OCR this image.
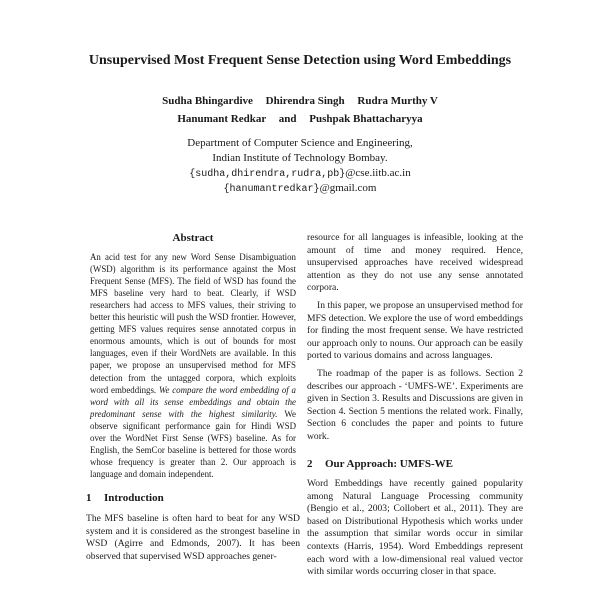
Unsupervised Most Frequent Sense Detection using Word Embeddings
Sudha Bhingardive Dhirendra Singh Rudra Murthy V
Hanumant Redkar and Pushpak Bhattacharyya
Department of Computer Science and Engineering,
Indian Institute of Technology Bombay.
{sudha,dhirendra,rudra,pb}@cse.iitb.ac.in
{hanumantredkar}@gmail.com
Abstract

An acid test for any new Word Sense Disambiguation (WSD) algorithm is its performance against the Most Frequent Sense (MFS). The field of WSD has found the MFS baseline very hard to beat. Clearly, if WSD researchers had access to MFS values, their striving to better this heuristic will push the WSD frontier. However, getting MFS values requires sense annotated corpus in enormous amounts, which is out of bounds for most languages, even if their WordNets are available. In this paper, we propose an unsupervised method for MFS detection from the untagged corpora, which exploits word embeddings. We compare the word embedding of a word with all its sense embeddings and obtain the predominant sense with the highest similarity. We observe significant performance gain for Hindi WSD over the WordNet First Sense (WFS) baseline. As for English, the SemCor baseline is bettered for those words whose frequency is greater than 2. Our approach is language and domain independent.

1 Introduction

The MFS baseline is often hard to beat for any WSD system and it is considered as the strongest baseline in WSD (Agirre and Edmonds, 2007). It has been observed that supervised WSD approaches gener-

resource for all languages is infeasible, looking at the amount of time and money required. Hence, unsupervised approaches have received widespread attention as they do not use any sense annotated corpora.

In this paper, we propose an unsupervised method for MFS detection. We explore the use of word embeddings for finding the most frequent sense. We have restricted our approach only to nouns. Our approach can be easily ported to various domains and across languages.

The roadmap of the paper is as follows. Section 2 describes our approach - ‘UMFS-WE’. Experiments are given in Section 3. Results and Discussions are given in Section 4. Section 5 mentions the related work. Finally, Section 6 concludes the paper and points to future work.

2 Our Approach: UMFS-WE

Word Embeddings have recently gained popularity among Natural Language Processing community (Bengio et al., 2003; Collobert et al., 2011). They are based on Distributional Hypothesis which works under the assumption that similar words occur in similar contexts (Harris, 1954). Word Embeddings represent each word with a low-dimensional real valued vector with similar words occurring closer in that space.
